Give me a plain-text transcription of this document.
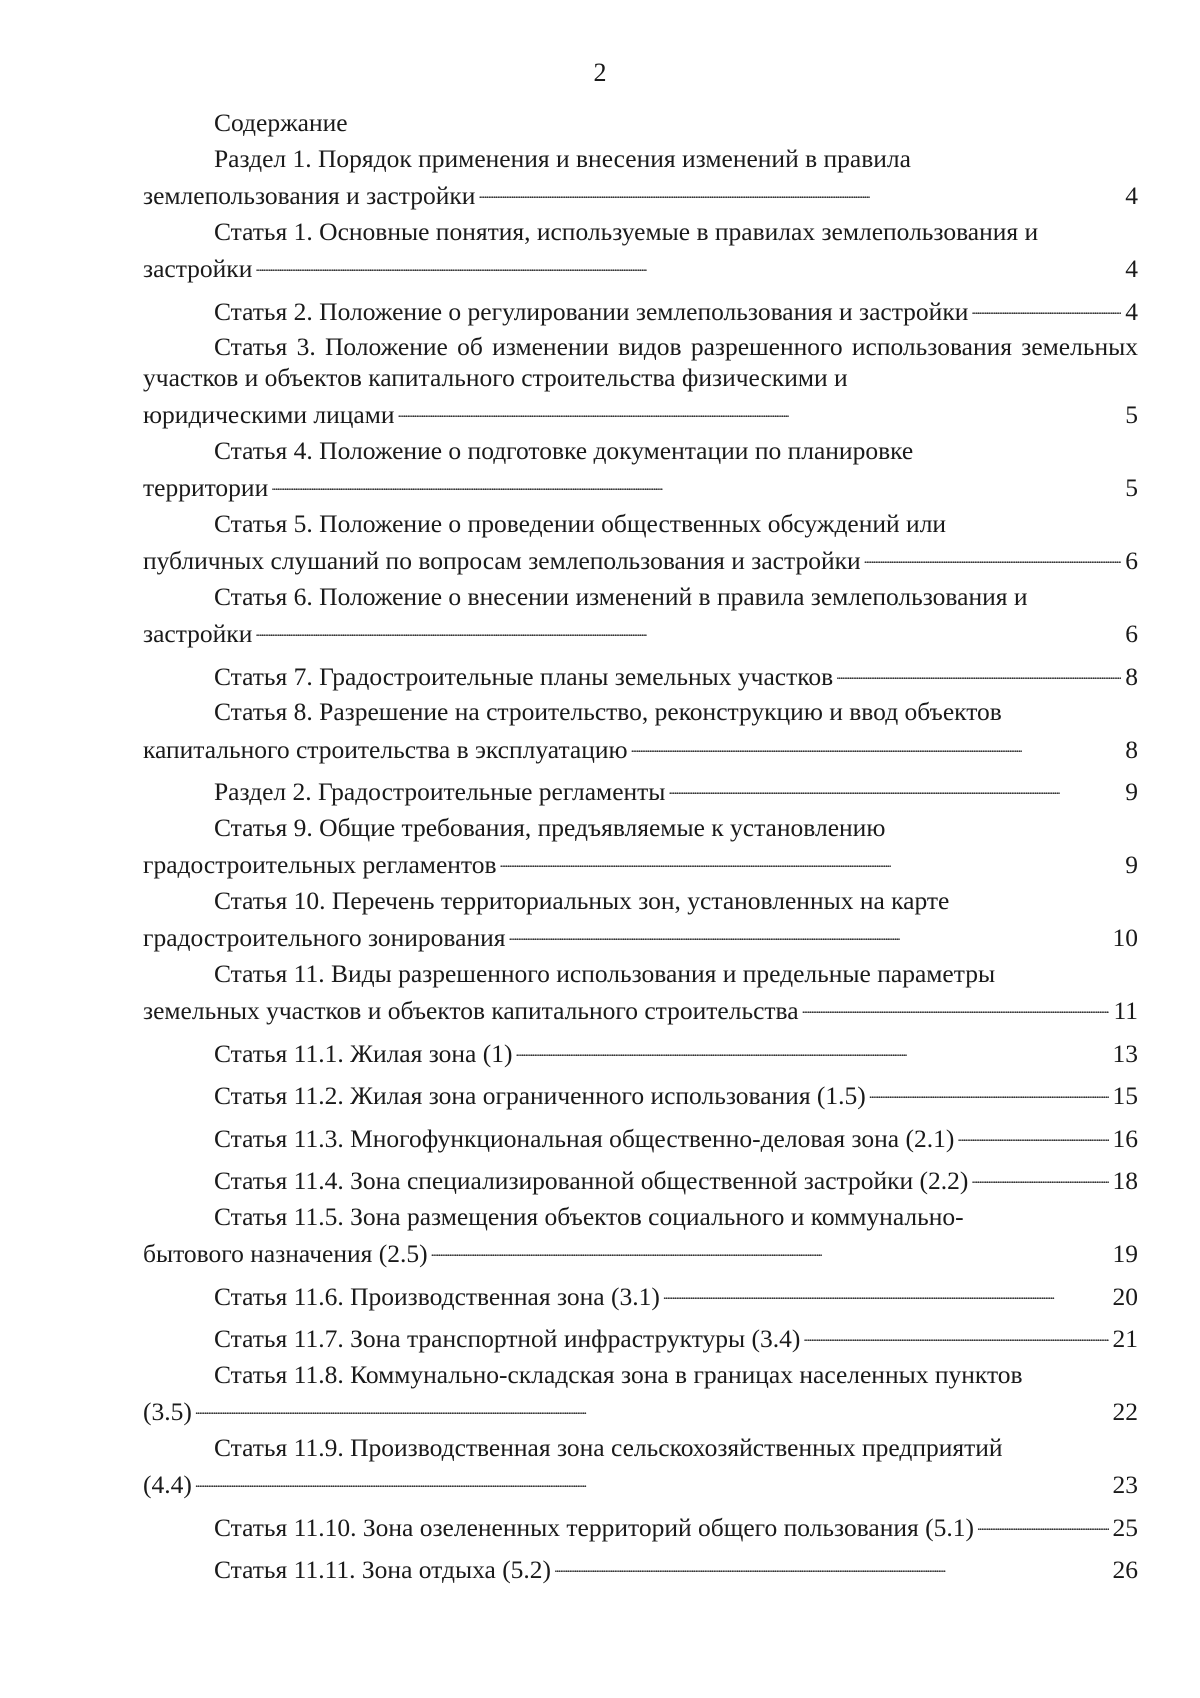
2
Содержание
Раздел 1. Порядок применения и внесения изменений в правила
землепользования и застройки . . .	4
Статья 1. Основные понятия, используемые в правилах землепользования и
застройки . . .	4
Статья 2. Положение о регулировании землепользования и застройки . . .	4
Статья 3. Положение об изменении видов разрешенного использования земельных участков и объектов капитального строительства физическими и
юридическими лицами . . .	5
Статья 4. Положение о подготовке документации по планировке
территории . . .	5
Статья 5. Положение о проведении общественных обсуждений или
публичных слушаний по вопросам землепользования и застройки . . .	6
Статья 6. Положение о внесении изменений в правила землепользования и
застройки . . .	6
Статья 7. Градостроительные планы земельных участков . . .	8
Статья 8. Разрешение на строительство, реконструкцию и ввод объектов
капитального строительства в эксплуатацию . . .	8
Раздел 2. Градостроительные регламенты . . .	9
Статья 9. Общие требования, предъявляемые к установлению
градостроительных регламентов . . .	9
Статья 10. Перечень территориальных зон, установленных на карте
градостроительного зонирования . . .	10
Статья 11. Виды разрешенного использования и предельные параметры
земельных участков и объектов капитального строительства . . .	11
Статья 11.1. Жилая зона (1) . . .	13
Статья 11.2. Жилая зона ограниченного использования (1.5) . . .	15
Статья 11.3. Многофункциональная общественно-деловая зона (2.1) . . .	16
Статья 11.4. Зона специализированной общественной застройки (2.2) . . .	18
Статья 11.5. Зона размещения объектов социального и коммунально-
бытового назначения (2.5) . . .	19
Статья 11.6. Производственная зона (3.1) . . .	20
Статья 11.7. Зона транспортной инфраструктуры (3.4) . . .	21
Статья 11.8. Коммунально-складская зона в границах населенных пунктов
(3.5) . . .	22
Статья 11.9. Производственная зона сельскохозяйственных предприятий
(4.4) . . .	23
Статья 11.10. Зона озелененных территорий общего пользования (5.1) . . .	25
Статья 11.11. Зона отдыха (5.2) . . .	26
